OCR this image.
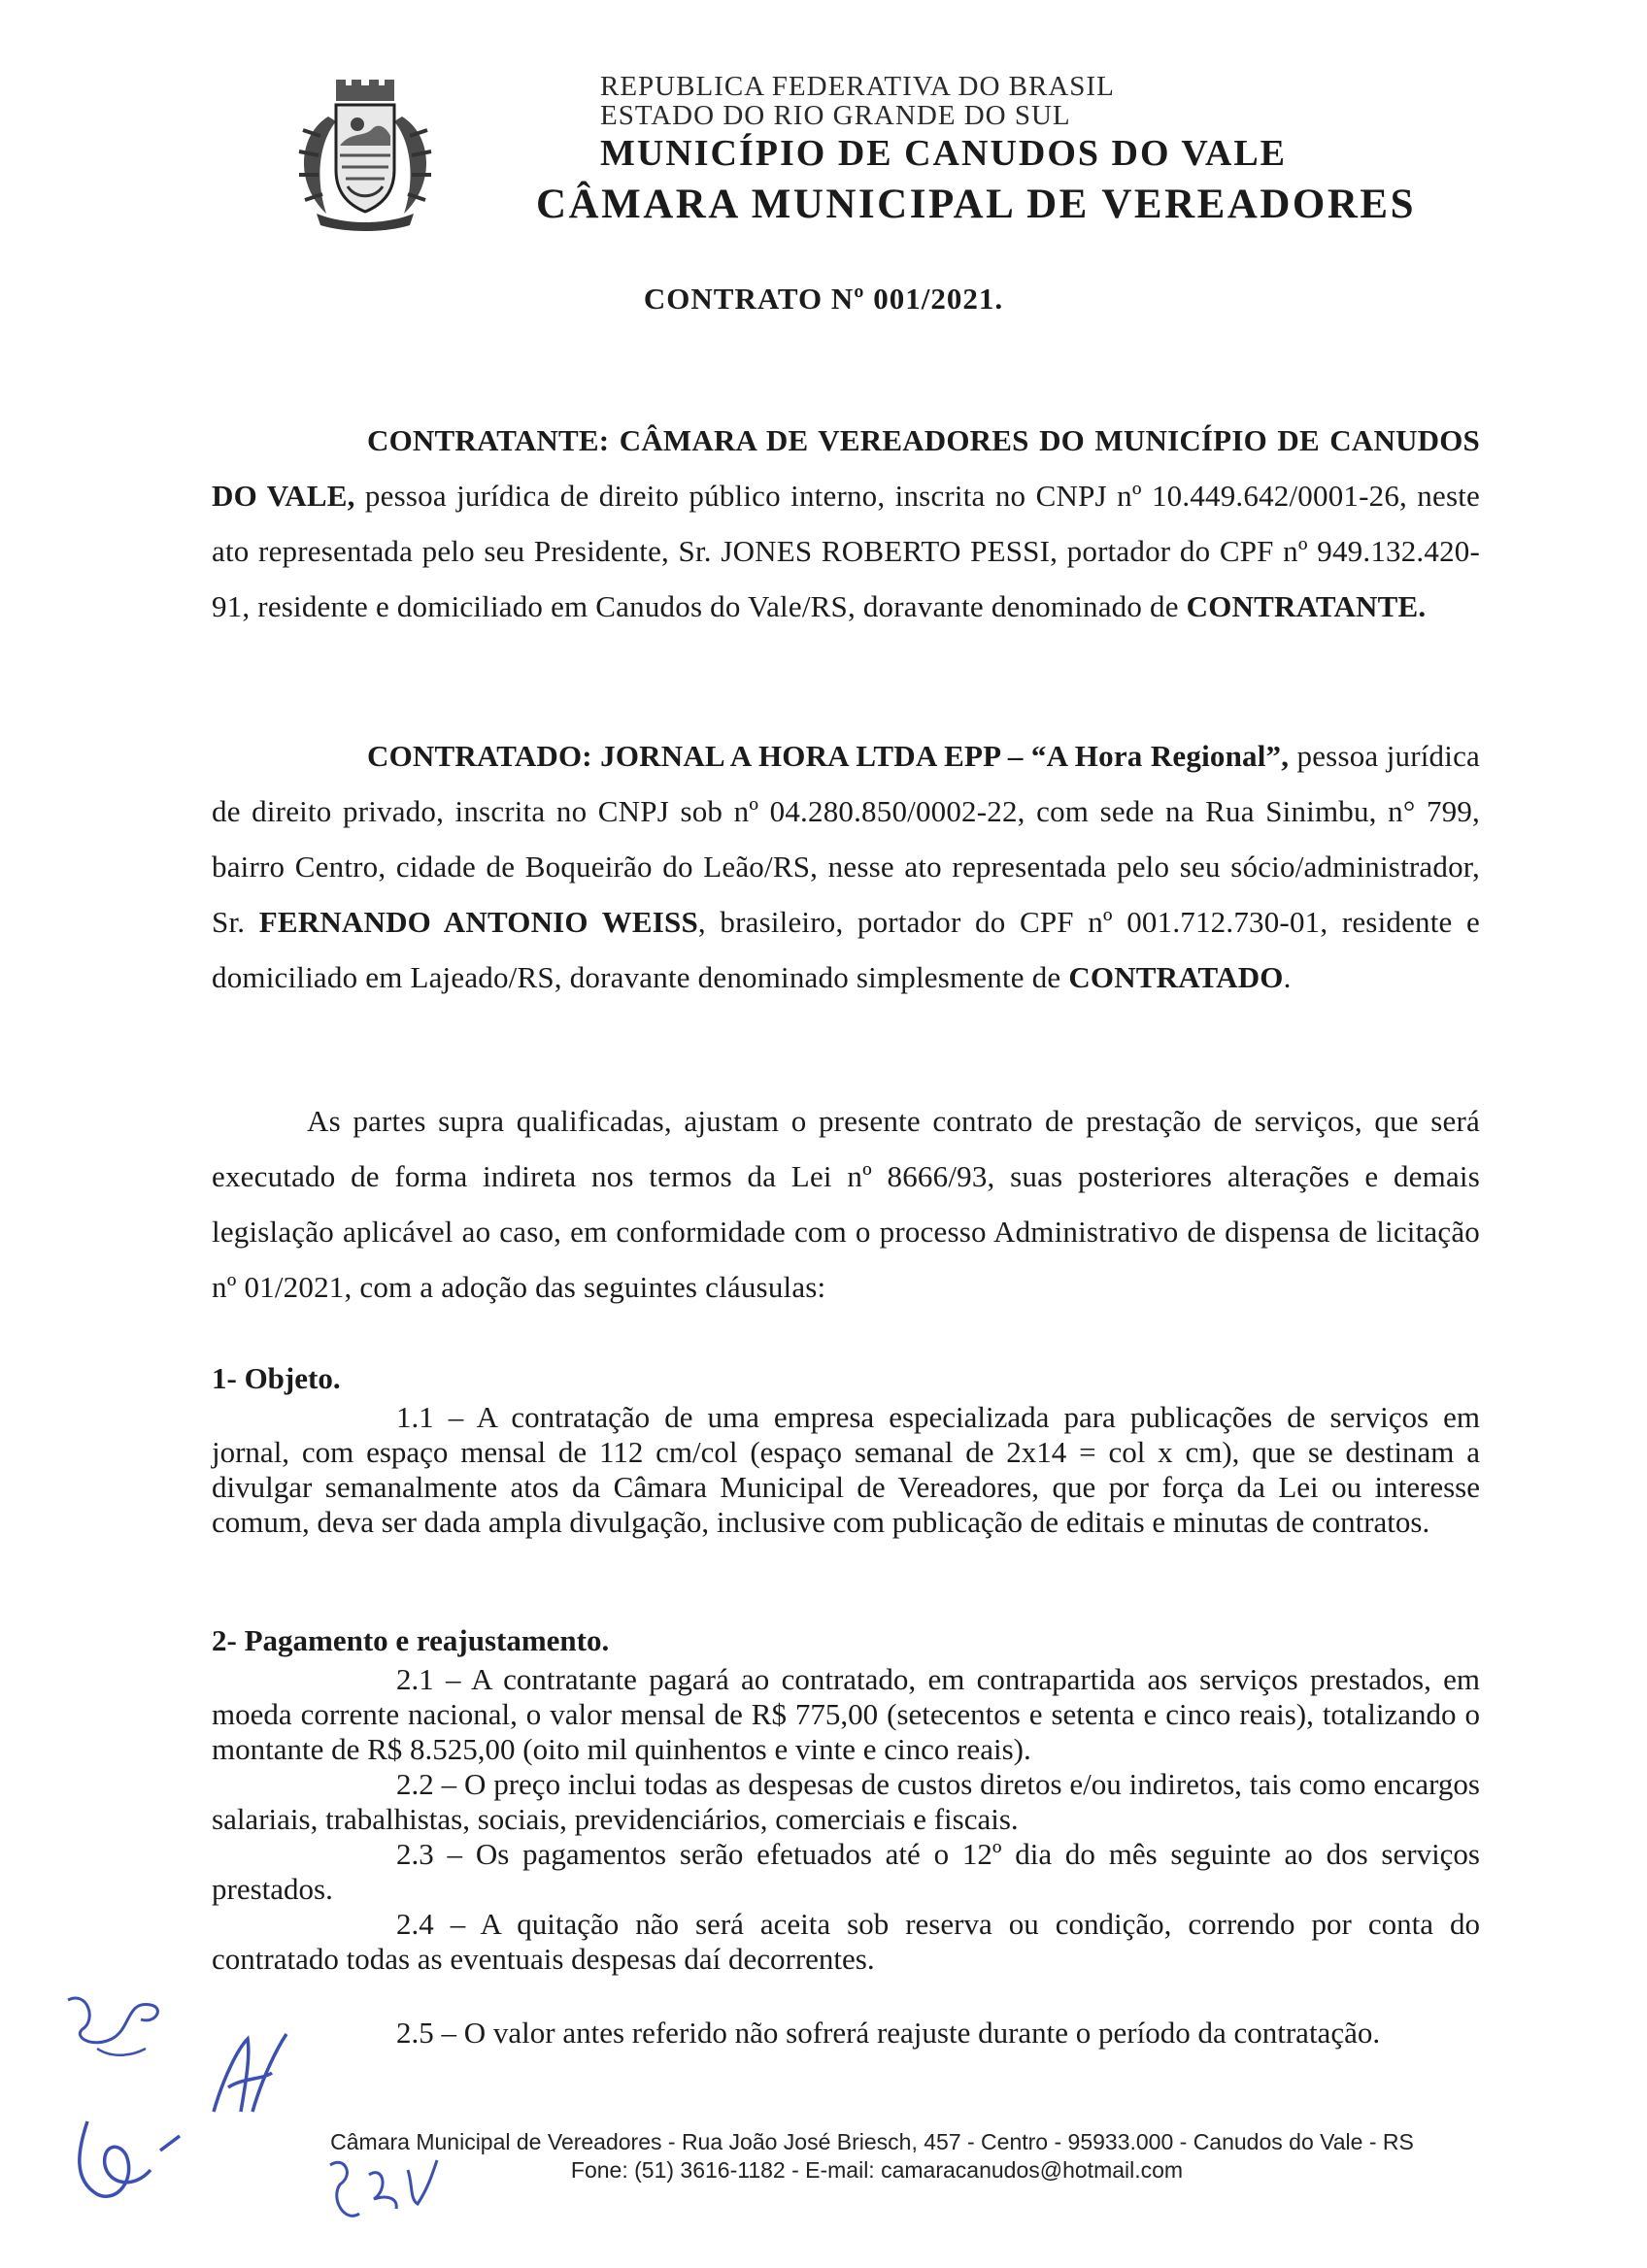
REPUBLICA FEDERATIVA DO BRASIL
ESTADO DO RIO GRANDE DO SUL
MUNICÍPIO DE CANUDOS DO VALE
CÂMARA MUNICIPAL DE VEREADORES
CONTRATO Nº 001/2021.
CONTRATANTE: CÂMARA DE VEREADORES DO MUNICÍPIO DE CANUDOS DO VALE, pessoa jurídica de direito público interno, inscrita no CNPJ nº 10.449.642/0001-26, neste ato representada pelo seu Presidente, Sr. JONES ROBERTO PESSI, portador do CPF nº 949.132.420-91, residente e domiciliado em Canudos do Vale/RS, doravante denominado de CONTRATANTE.
CONTRATADO: JORNAL A HORA LTDA EPP – “A Hora Regional”, pessoa jurídica de direito privado, inscrita no CNPJ sob nº 04.280.850/0002-22, com sede na Rua Sinimbu, n° 799, bairro Centro, cidade de Boqueirão do Leão/RS, nesse ato representada pelo seu sócio/administrador, Sr. FERNANDO ANTONIO WEISS, brasileiro, portador do CPF nº 001.712.730-01, residente e domiciliado em Lajeado/RS, doravante denominado simplesmente de CONTRATADO.
As partes supra qualificadas, ajustam o presente contrato de prestação de serviços, que será executado de forma indireta nos termos da Lei nº 8666/93, suas posteriores alterações e demais legislação aplicável ao caso, em conformidade com o processo Administrativo de dispensa de licitação nº 01/2021, com a adoção das seguintes cláusulas:
1- Objeto.

1.1 – A contratação de uma empresa especializada para publicações de serviços em jornal, com espaço mensal de 112 cm/col (espaço semanal de 2x14 = col x cm), que se destinam a divulgar semanalmente atos da Câmara Municipal de Vereadores, que por força da Lei ou interesse comum, deva ser dada ampla divulgação, inclusive com publicação de editais e minutas de contratos.

2- Pagamento e reajustamento.

2.1 – A contratante pagará ao contratado, em contrapartida aos serviços prestados, em moeda corrente nacional, o valor mensal de R$ 775,00 (setecentos e setenta e cinco reais), totalizando o montante de R$ 8.525,00 (oito mil quinhentos e vinte e cinco reais).

2.2 – O preço inclui todas as despesas de custos diretos e/ou indiretos, tais como encargos salariais, trabalhistas, sociais, previdenciários, comerciais e fiscais.

2.3 – Os pagamentos serão efetuados até o 12º dia do mês seguinte ao dos serviços prestados.

2.4 – A quitação não será aceita sob reserva ou condição, correndo por conta do contratado todas as eventuais despesas daí decorrentes.

2.5 – O valor antes referido não sofrerá reajuste durante o período da contratação.

Câmara Municipal de Vereadores - Rua João José Briesch, 457 - Centro - 95933.000 - Canudos do Vale - RS
Fone: (51) 3616-1182 - E-mail: camaracanudos@hotmail.com
